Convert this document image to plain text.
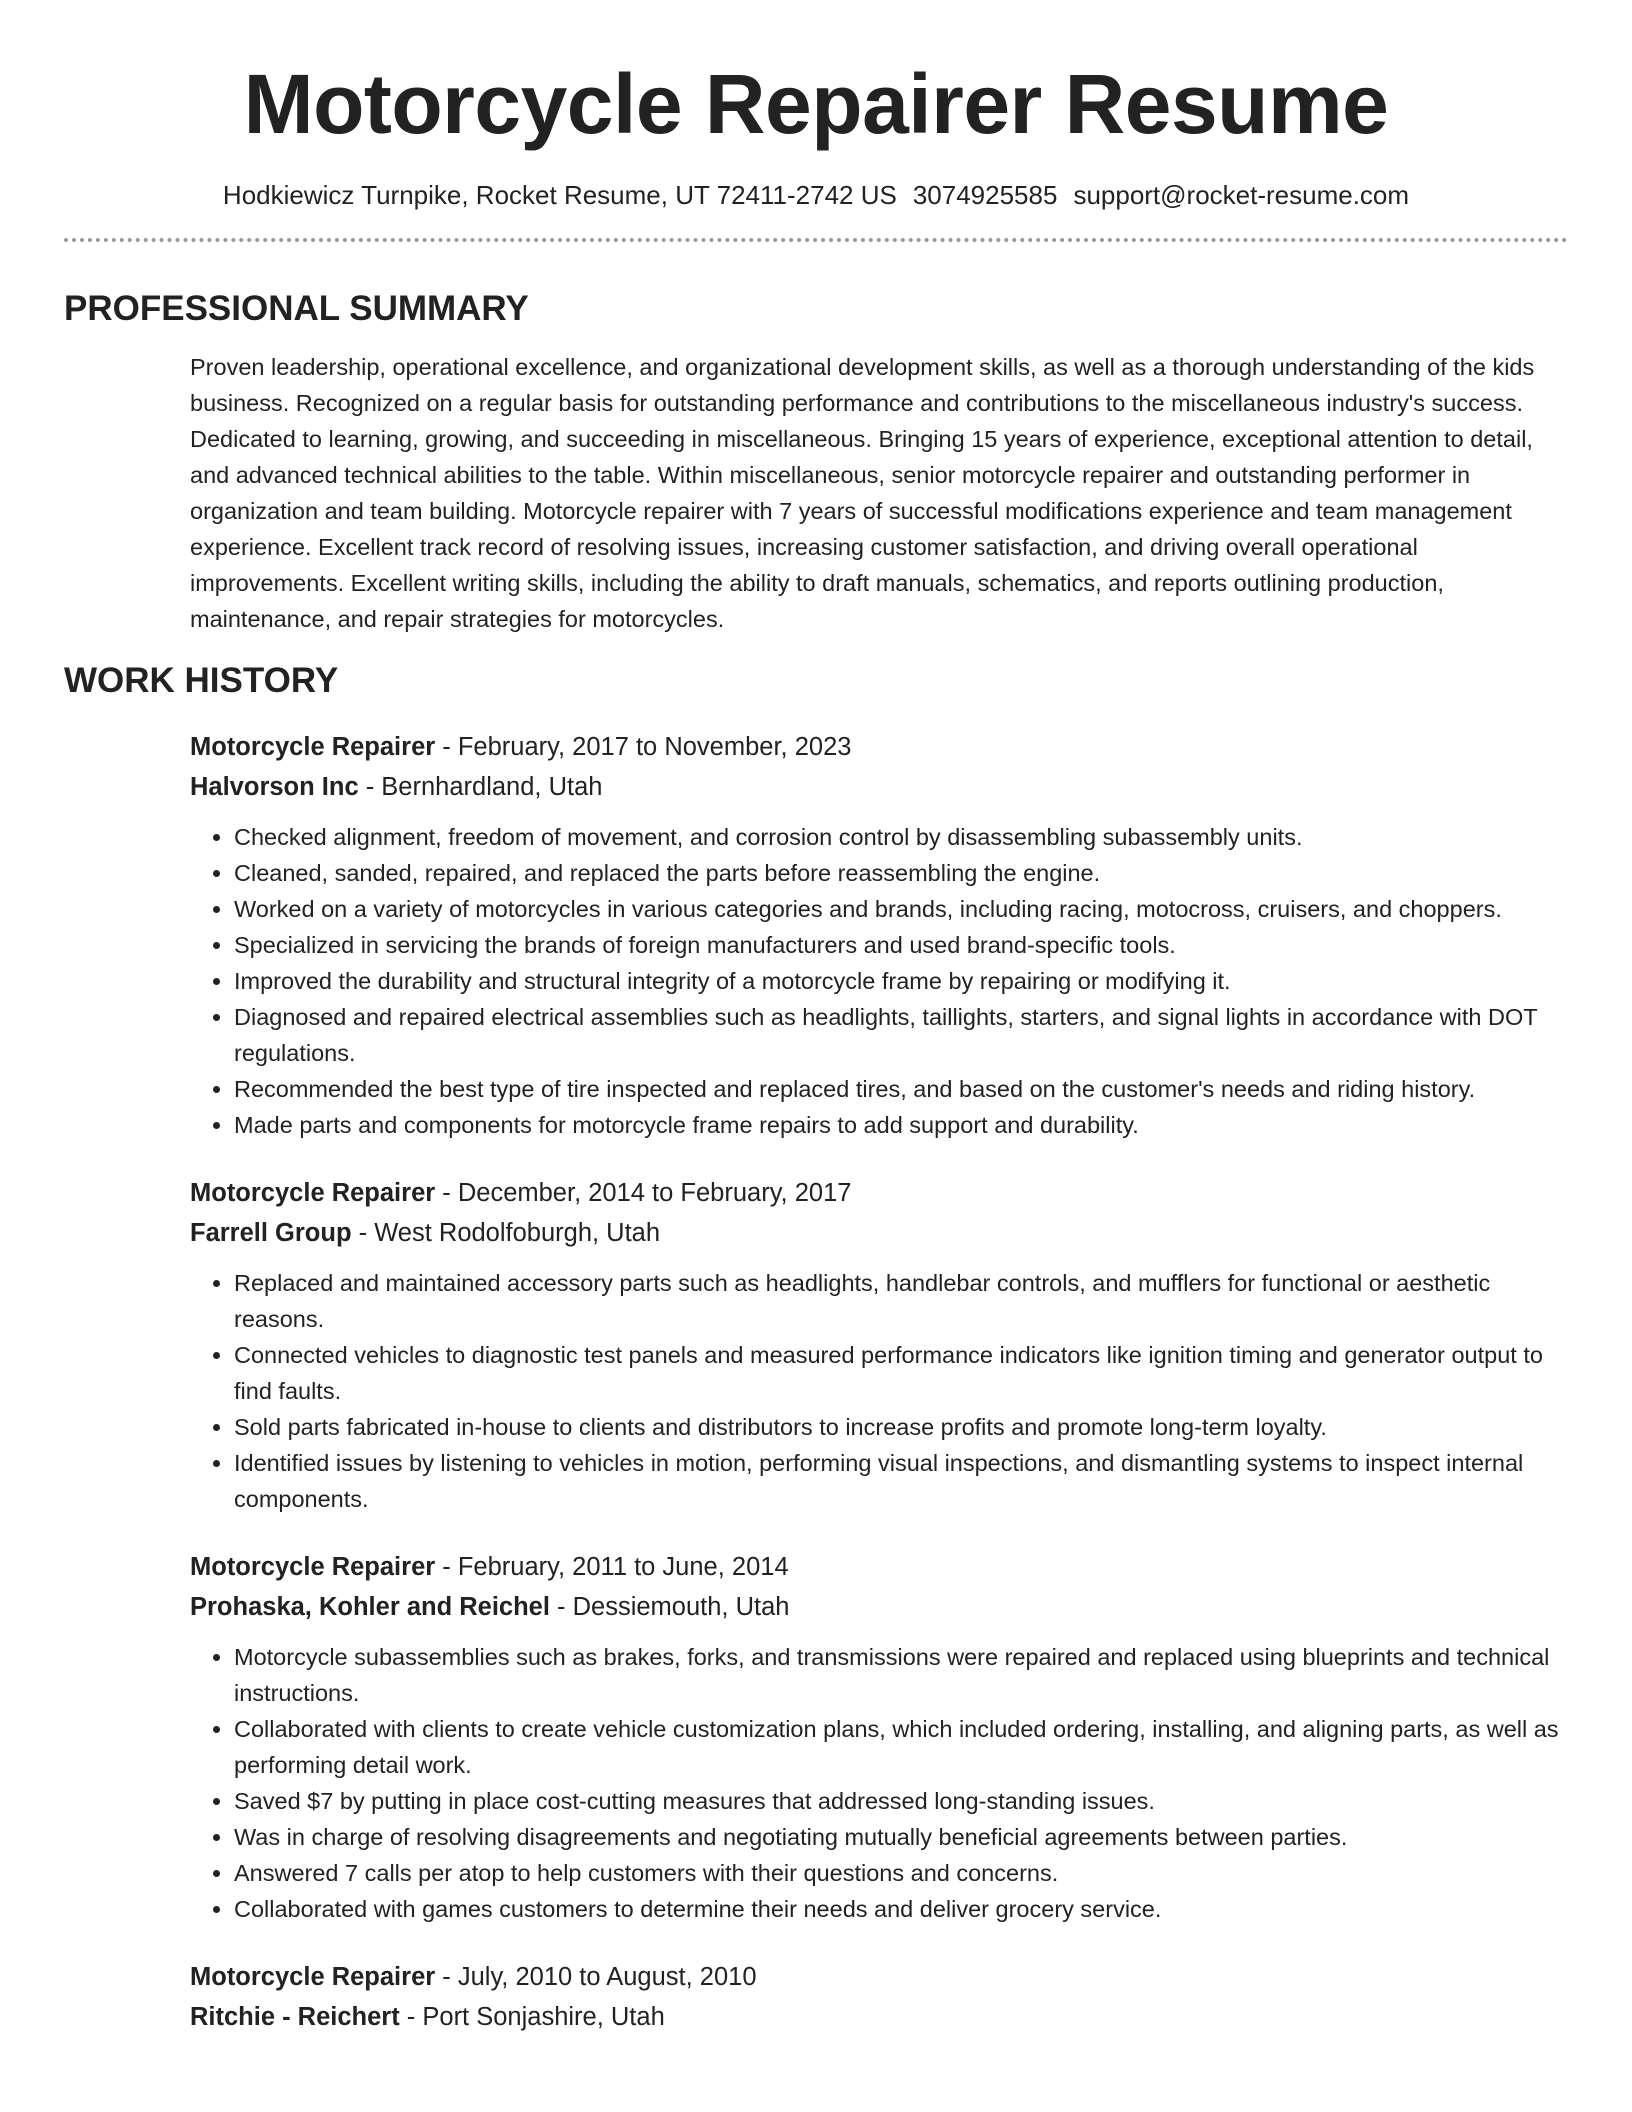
Motorcycle Repairer Resume
Hodkiewicz Turnpike, Rocket Resume, UT 72411-2742 US 3074925585 support@rocket-resume.com
PROFESSIONAL SUMMARY
Proven leadership, operational excellence, and organizational development skills, as well as a thorough understanding of the kids business. Recognized on a regular basis for outstanding performance and contributions to the miscellaneous industry's success. Dedicated to learning, growing, and succeeding in miscellaneous. Bringing 15 years of experience, exceptional attention to detail, and advanced technical abilities to the table. Within miscellaneous, senior motorcycle repairer and outstanding performer in organization and team building. Motorcycle repairer with 7 years of successful modifications experience and team management experience. Excellent track record of resolving issues, increasing customer satisfaction, and driving overall operational improvements. Excellent writing skills, including the ability to draft manuals, schematics, and reports outlining production, maintenance, and repair strategies for motorcycles.
WORK HISTORY
Motorcycle Repairer - February, 2017 to November, 2023
Halvorson Inc - Bernhardland, Utah
• Checked alignment, freedom of movement, and corrosion control by disassembling subassembly units.
• Cleaned, sanded, repaired, and replaced the parts before reassembling the engine.
• Worked on a variety of motorcycles in various categories and brands, including racing, motocross, cruisers, and choppers.
• Specialized in servicing the brands of foreign manufacturers and used brand-specific tools.
• Improved the durability and structural integrity of a motorcycle frame by repairing or modifying it.
• Diagnosed and repaired electrical assemblies such as headlights, taillights, starters, and signal lights in accordance with DOT regulations.
• Recommended the best type of tire inspected and replaced tires, and based on the customer's needs and riding history.
• Made parts and components for motorcycle frame repairs to add support and durability.
Motorcycle Repairer - December, 2014 to February, 2017
Farrell Group - West Rodolfoburgh, Utah
• Replaced and maintained accessory parts such as headlights, handlebar controls, and mufflers for functional or aesthetic reasons.
• Connected vehicles to diagnostic test panels and measured performance indicators like ignition timing and generator output to find faults.
• Sold parts fabricated in-house to clients and distributors to increase profits and promote long-term loyalty.
• Identified issues by listening to vehicles in motion, performing visual inspections, and dismantling systems to inspect internal components.
Motorcycle Repairer - February, 2011 to June, 2014
Prohaska, Kohler and Reichel - Dessiemouth, Utah
• Motorcycle subassemblies such as brakes, forks, and transmissions were repaired and replaced using blueprints and technical instructions.
• Collaborated with clients to create vehicle customization plans, which included ordering, installing, and aligning parts, as well as performing detail work.
• Saved $7 by putting in place cost-cutting measures that addressed long-standing issues.
• Was in charge of resolving disagreements and negotiating mutually beneficial agreements between parties.
• Answered 7 calls per atop to help customers with their questions and concerns.
• Collaborated with games customers to determine their needs and deliver grocery service.
Motorcycle Repairer - July, 2010 to August, 2010
Ritchie - Reichert - Port Sonjashire, Utah
